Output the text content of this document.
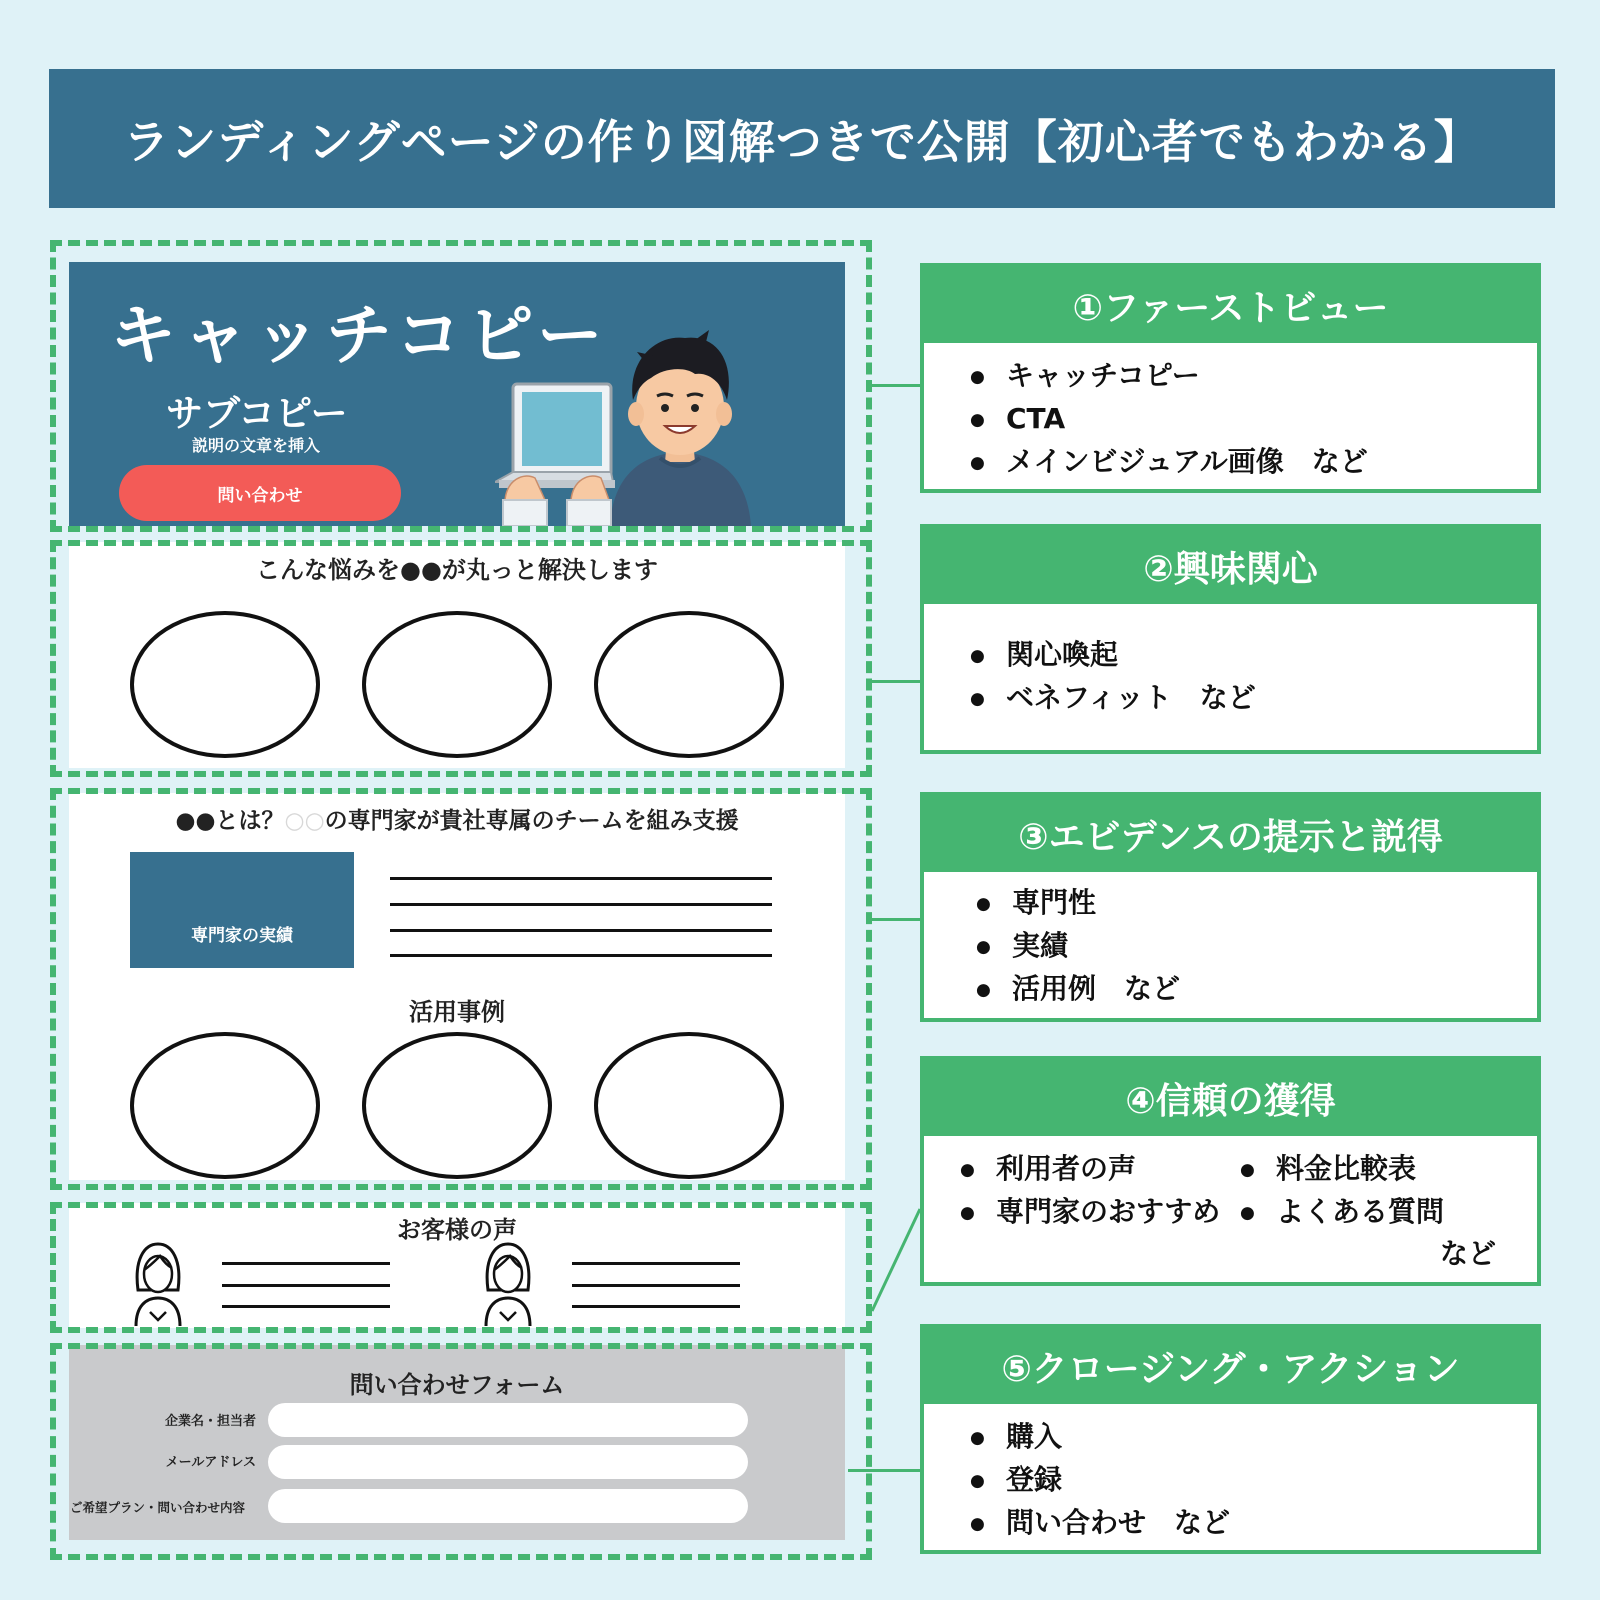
ランディングページの作り図解つきで公開【初心者でもわかる】
キャッチコピー
サブコピー
説明の文章を挿入
問い合わせ
こんな悩みを●●が丸っと解決します
●●とは？○○の専門家が貴社専属のチームを組み支援
専門家の実績
活用事例
お客様の声
問い合わせフォーム
企業名・担当者
メールアドレス
ご希望プラン・問い合わせ内容
①ファーストビュー
● キャッチコピー
● CTA
● メインビジュアル画像　など
②興味関心
● 関心喚起
● ベネフィット　など
③エビデンスの提示と説得
● 専門性
● 実績
● 活用例　など
④信頼の獲得
● 利用者の声
● 専門家のおすすめ
● 料金比較表
● よくある質問
など
⑤クロージング・アクション
● 購入
● 登録
● 問い合わせ　など
